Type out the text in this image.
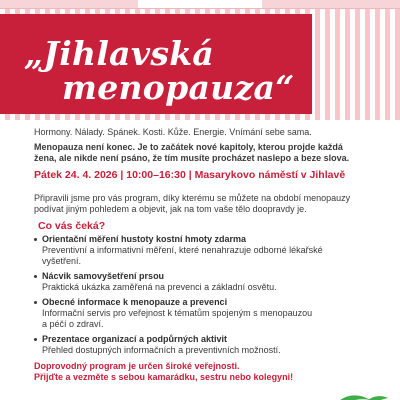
„Jihlavská
menopauza“

Hormony. Nálady. Spánek. Kosti. Kůže. Energie. Vnímání sebe sama.

Menopauza není konec. Je to začátek nové kapitoly, kterou projde každá

žena, ale nikde není psáno, že tím musíte procházet naslepo a beze slova.

Pátek 24. 4. 2026 | 10:00–16:30 | Masarykovo náměstí v Jihlavě

Připravili jsme pro vás program, díky kterému se můžete na období menopauzy

podívat jiným pohledem a objevit, jak na tom vaše tělo doopravdy je.

Co vás čeká?

Orientační měření hustoty kostní hmoty zdarma
Preventivní a informativní měření, které nenahrazuje odborné lékařské
vyšetření.
Nácvik samovyšetření prsou
Praktická ukázka zaměřená na prevenci a základní osvětu.
Obecné informace k menopauze a prevenci
Informační servis pro veřejnost k tématům spojeným s menopauzou
a péčí o zdraví.
Prezentace organizací a podpůrných aktivit
Přehled dostupných informačních a preventivních možností.

Doprovodný program je určen široké veřejnosti.

Přijďte a vezměte s sebou kamarádku, sestru nebo kolegyni!
